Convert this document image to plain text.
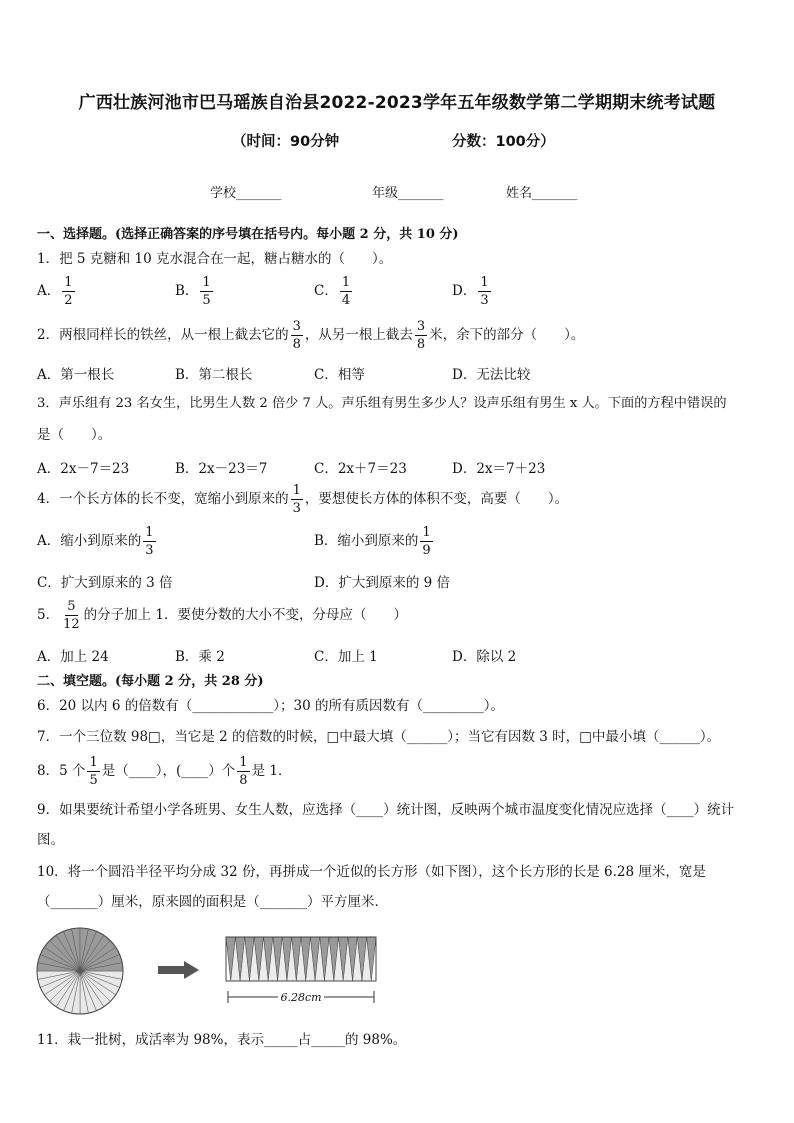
广西壮族河池市巴马瑶族自治县2022-2023学年五年级数学第二学期期末统考试题
（时间：90分钟	分数：100分）
学校_______	年级_______	姓名_______
一、选择题。(选择正确答案的序号填在括号内。每小题 2 分，共 10 分)
1．把 5 克糖和 10 克水混合在一起，糖占糖水的（　　）。
A． $\frac{1}{2}$	B． $\frac{1}{5}$	C． $\frac{1}{4}$	D． $\frac{1}{3}$
2．两根同样长的铁丝，从一根上截去它的 $\frac{3}{8}$ ，从另一根上截去 $\frac{3}{8}$ 米，余下的部分（　　）。
A．第一根长	B．第二根长	C．相等	D．无法比较
3．声乐组有 23 名女生，比男生人数 2 倍少 7 人。声乐组有男生多少人？设声乐组有男生 x 人。下面的方程中错误的
是（　　）。
A．2x－7＝23	B．2x－23＝7	C．2x＋7＝23	D．2x＝7＋23
4．一个长方体的长不变，宽缩小到原来的 $\frac{1}{3}$ ，要想使长方体的体积不变，高要（　　）。
A．缩小到原来的 $\frac{1}{3}$	B．缩小到原来的 $\frac{1}{9}$
C．扩大到原来的 3 倍	D．扩大到原来的 9 倍
5． $\frac{5}{12}$ 的分子加上 1．要使分数的大小不变，分母应（　　）
A．加上 24	B．乘 2	C．加上 1	D．除以 2
二、填空题。(每小题 2 分，共 28 分)
6．20 以内 6 的倍数有（____________）；30 的所有质因数有（_________）。
7．一个三位数 98□，当它是 2 的倍数的时候，□中最大填（______）；当它有因数 3 时，□中最小填（______）。
8．5 个 $\frac{1}{5}$ 是（____），(____）个 $\frac{1}{8}$ 是 1．
9．如果要统计希望小学各班男、女生人数，应选择（____）统计图，反映两个城市温度变化情况应选择（____）统计
图。
10．将一个圆沿半径平均分成 32 份，再拼成一个近似的长方形（如下图），这个长方形的长是 6.28 厘米，宽是
（_______）厘米，原来圆的面积是（_______）平方厘米．
6.28cm
11．栽一批树，成活率为 98%，表示_____占_____的 98%。
